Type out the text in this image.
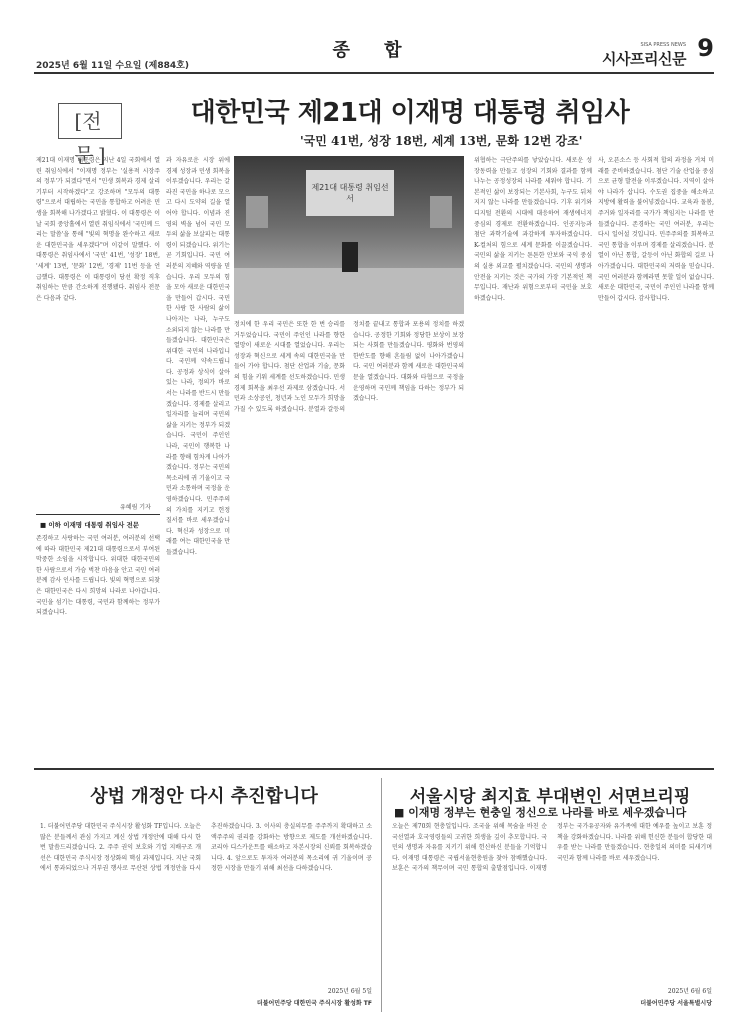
종 합
2025년 6월 11일 수요일 (제884호)
SISA PRESS NEWS
시사프리신문 9
[전문]
대한민국 제21대 이재명 대통령 취임사
'국민 41번, 성장 18번, 세계 13번, 문화 12번 강조'
제21대 대통령 취임선서

제21대 이재명 대통령은 지난 4일 국회에서 열린 취임식에서 "이재명 정부는 '실용적 시장주의 정부'가 되겠다"면서 "민생 회복과 경제 살리기부터 시작하겠다"고 강조하며 "모두의 대통령"으로서 대립하는 국민을 통합하고 어려운 민생을 회복해 나가겠다고 밝혔다. 이 대통령은 이날 국회 중앙홀에서 열린 취임식에서 '국민께 드리는 말씀'을 통해 "빛의 혁명을 완수하고 새로운 대한민국을 세우겠다"며 이같이 말했다. 이 대통령은 취임사에서 '국민' 41번, '성장' 18번, '세계' 13번, '문화' 12번, '경제' 11번 등을 언급했다. 대통령은 이 대통령이 당선 확정 직후 취임하는 만큼 간소하게 진행됐다. 취임사 전문은 다음과 같다.

유혜림 기자
■ 이하 이재명 대통령 취임사 전문

존경하고 사랑하는 국민 여러분, 여러분의 선택에 따라 대한민국 제21대 대통령으로서 부여된 막중한 소임을 시작합니다. 위대한 대한국민의 한 사람으로서 가슴 벅찬 마음을 안고 국민 여러분께 감사 인사를 드립니다. 빛의 혁명으로 되찾은 대한민국은 다시 희망의 나라로 나아갑니다. 국민을 섬기는 대통령, 국민과 함께하는 정부가 되겠습니다.

과 자유로운 시장 위에 경제 성장과 민생 회복을 이루겠습니다. 우리는 갈라진 국민을 하나로 모으고 다시 도약의 길을 열어야 합니다. 이념과 진영의 벽을 넘어 국민 모두의 삶을 보살피는 대통령이 되겠습니다. 위기는 곧 기회입니다. 국민 여러분의 지혜와 역량을 믿습니다. 우리 모두의 힘을 모아 새로운 대한민국을 만들어 갑시다. 국민 한 사람 한 사람의 삶이 나아지는 나라, 누구도 소외되지 않는 나라를 만들겠습니다. 대한민국은 위대한 국민의 나라입니다. 국민께 약속드립니다. 공정과 상식이 살아있는 나라, 정의가 바로 서는 나라를 반드시 만들겠습니다. 경제를 살리고 일자리를 늘리며 국민의 삶을 지키는 정부가 되겠습니다. 국민이 주인인 나라, 국민이 행복한 나라를 향해 힘차게 나아가겠습니다. 정부는 국민의 목소리에 귀 기울이고 국민과 소통하며 국정을 운영하겠습니다. 민주주의의 가치를 지키고 헌정 질서를 바로 세우겠습니다. 혁신과 성장으로 미래를 여는 대한민국을 만들겠습니다.

정치에 한 우리 국민은 또한 한 번 승리를 거두었습니다. 국민이 주인인 나라를 향한 열망이 새로운 시대를 열었습니다. 우리는 성장과 혁신으로 세계 속의 대한민국을 만들어 가야 합니다. 첨단 산업과 기술, 문화의 힘을 키워 세계를 선도하겠습니다. 민생 경제 회복을 최우선 과제로 삼겠습니다. 서민과 소상공인, 청년과 노인 모두가 희망을 가질 수 있도록 하겠습니다. 분열과 갈등의 정치를 끝내고 통합과 포용의 정치를 하겠습니다. 공정한 기회와 정당한 보상이 보장되는 사회를 만들겠습니다. 평화와 번영의 한반도를 향해 흔들림 없이 나아가겠습니다. 국민 여러분과 함께 새로운 대한민국의 문을 열겠습니다. 대화와 타협으로 국정을 운영하며 국민께 책임을 다하는 정부가 되겠습니다.

위협하는 극단주의를 낳았습니다. 새로운 성장동력을 만들고 성장의 기회와 결과를 함께 나누는 공정성장의 나라를 세워야 합니다. 기본적인 삶이 보장되는 기본사회, 누구도 뒤처지지 않는 나라를 만들겠습니다. 기후 위기와 디지털 전환의 시대에 대응하여 재생에너지 중심의 경제로 전환하겠습니다. 인공지능과 첨단 과학기술에 과감하게 투자하겠습니다. K-컬처의 힘으로 세계 문화를 이끌겠습니다. 국민의 삶을 지키는 튼튼한 안보와 국익 중심의 실용 외교를 펼치겠습니다. 국민의 생명과 안전을 지키는 것은 국가의 가장 기본적인 책무입니다. 재난과 위험으로부터 국민을 보호하겠습니다.

사, 오픈소스 등 사회적 합의 과정을 거쳐 미래를 준비하겠습니다. 첨단 기술 산업을 중심으로 균형 발전을 이루겠습니다. 지역이 살아야 나라가 삽니다. 수도권 집중을 해소하고 지방에 활력을 불어넣겠습니다. 교육과 돌봄, 주거와 일자리를 국가가 책임지는 나라를 만들겠습니다. 존경하는 국민 여러분, 우리는 다시 일어설 것입니다. 민주주의를 회복하고 국민 통합을 이루며 경제를 살리겠습니다. 분열이 아닌 통합, 갈등이 아닌 화합의 길로 나아가겠습니다. 대한민국의 저력을 믿습니다. 국민 여러분과 함께라면 못할 일이 없습니다. 새로운 대한민국, 국민이 주인인 나라를 함께 만들어 갑시다. 감사합니다.

상법 개정안 다시 추진합니다

1. 더불어민주당 대한민국 주식시장 활성화 TF입니다. 오늘은 많은 분들께서 관심 가지고 계신 상법 개정안에 대해 다시 한번 말씀드리겠습니다. 2. 주주 권익 보호와 기업 지배구조 개선은 대한민국 주식시장 정상화의 핵심 과제입니다. 지난 국회에서 통과되었으나 거부권 행사로 무산된 상법 개정안을 다시 추진하겠습니다. 3. 이사의 충실의무를 주주까지 확대하고 소액주주의 권리를 강화하는 방향으로 제도를 개선하겠습니다. 코리아 디스카운트를 해소하고 자본시장의 신뢰를 회복하겠습니다. 4. 앞으로도 투자자 여러분의 목소리에 귀 기울이며 공정한 시장을 만들기 위해 최선을 다하겠습니다.

2025년 6월 5일
더불어민주당 대한민국 주식시장 활성화 TF
서울시당 최지효 부대변인 서면브리핑
■ 이재명 정부는 현충일 정신으로 나라를 바로 세우겠습니다

오늘은 제70회 현충일입니다. 조국을 위해 목숨을 바친 순국선열과 호국영령들의 고귀한 희생을 깊이 추모합니다. 국민의 생명과 자유를 지키기 위해 헌신하신 분들을 기억합니다. 이재명 대통령은 국립서울현충원을 찾아 참배했습니다. 보훈은 국가의 책무이며 국민 통합의 출발점입니다. 이재명 정부는 국가유공자와 유가족에 대한 예우를 높이고 보훈 정책을 강화하겠습니다. 나라를 위해 헌신한 분들이 합당한 대우를 받는 나라를 만들겠습니다. 현충일의 의미를 되새기며 국민과 함께 나라를 바로 세우겠습니다.

2025년 6월 6일
더불어민주당 서울특별시당
